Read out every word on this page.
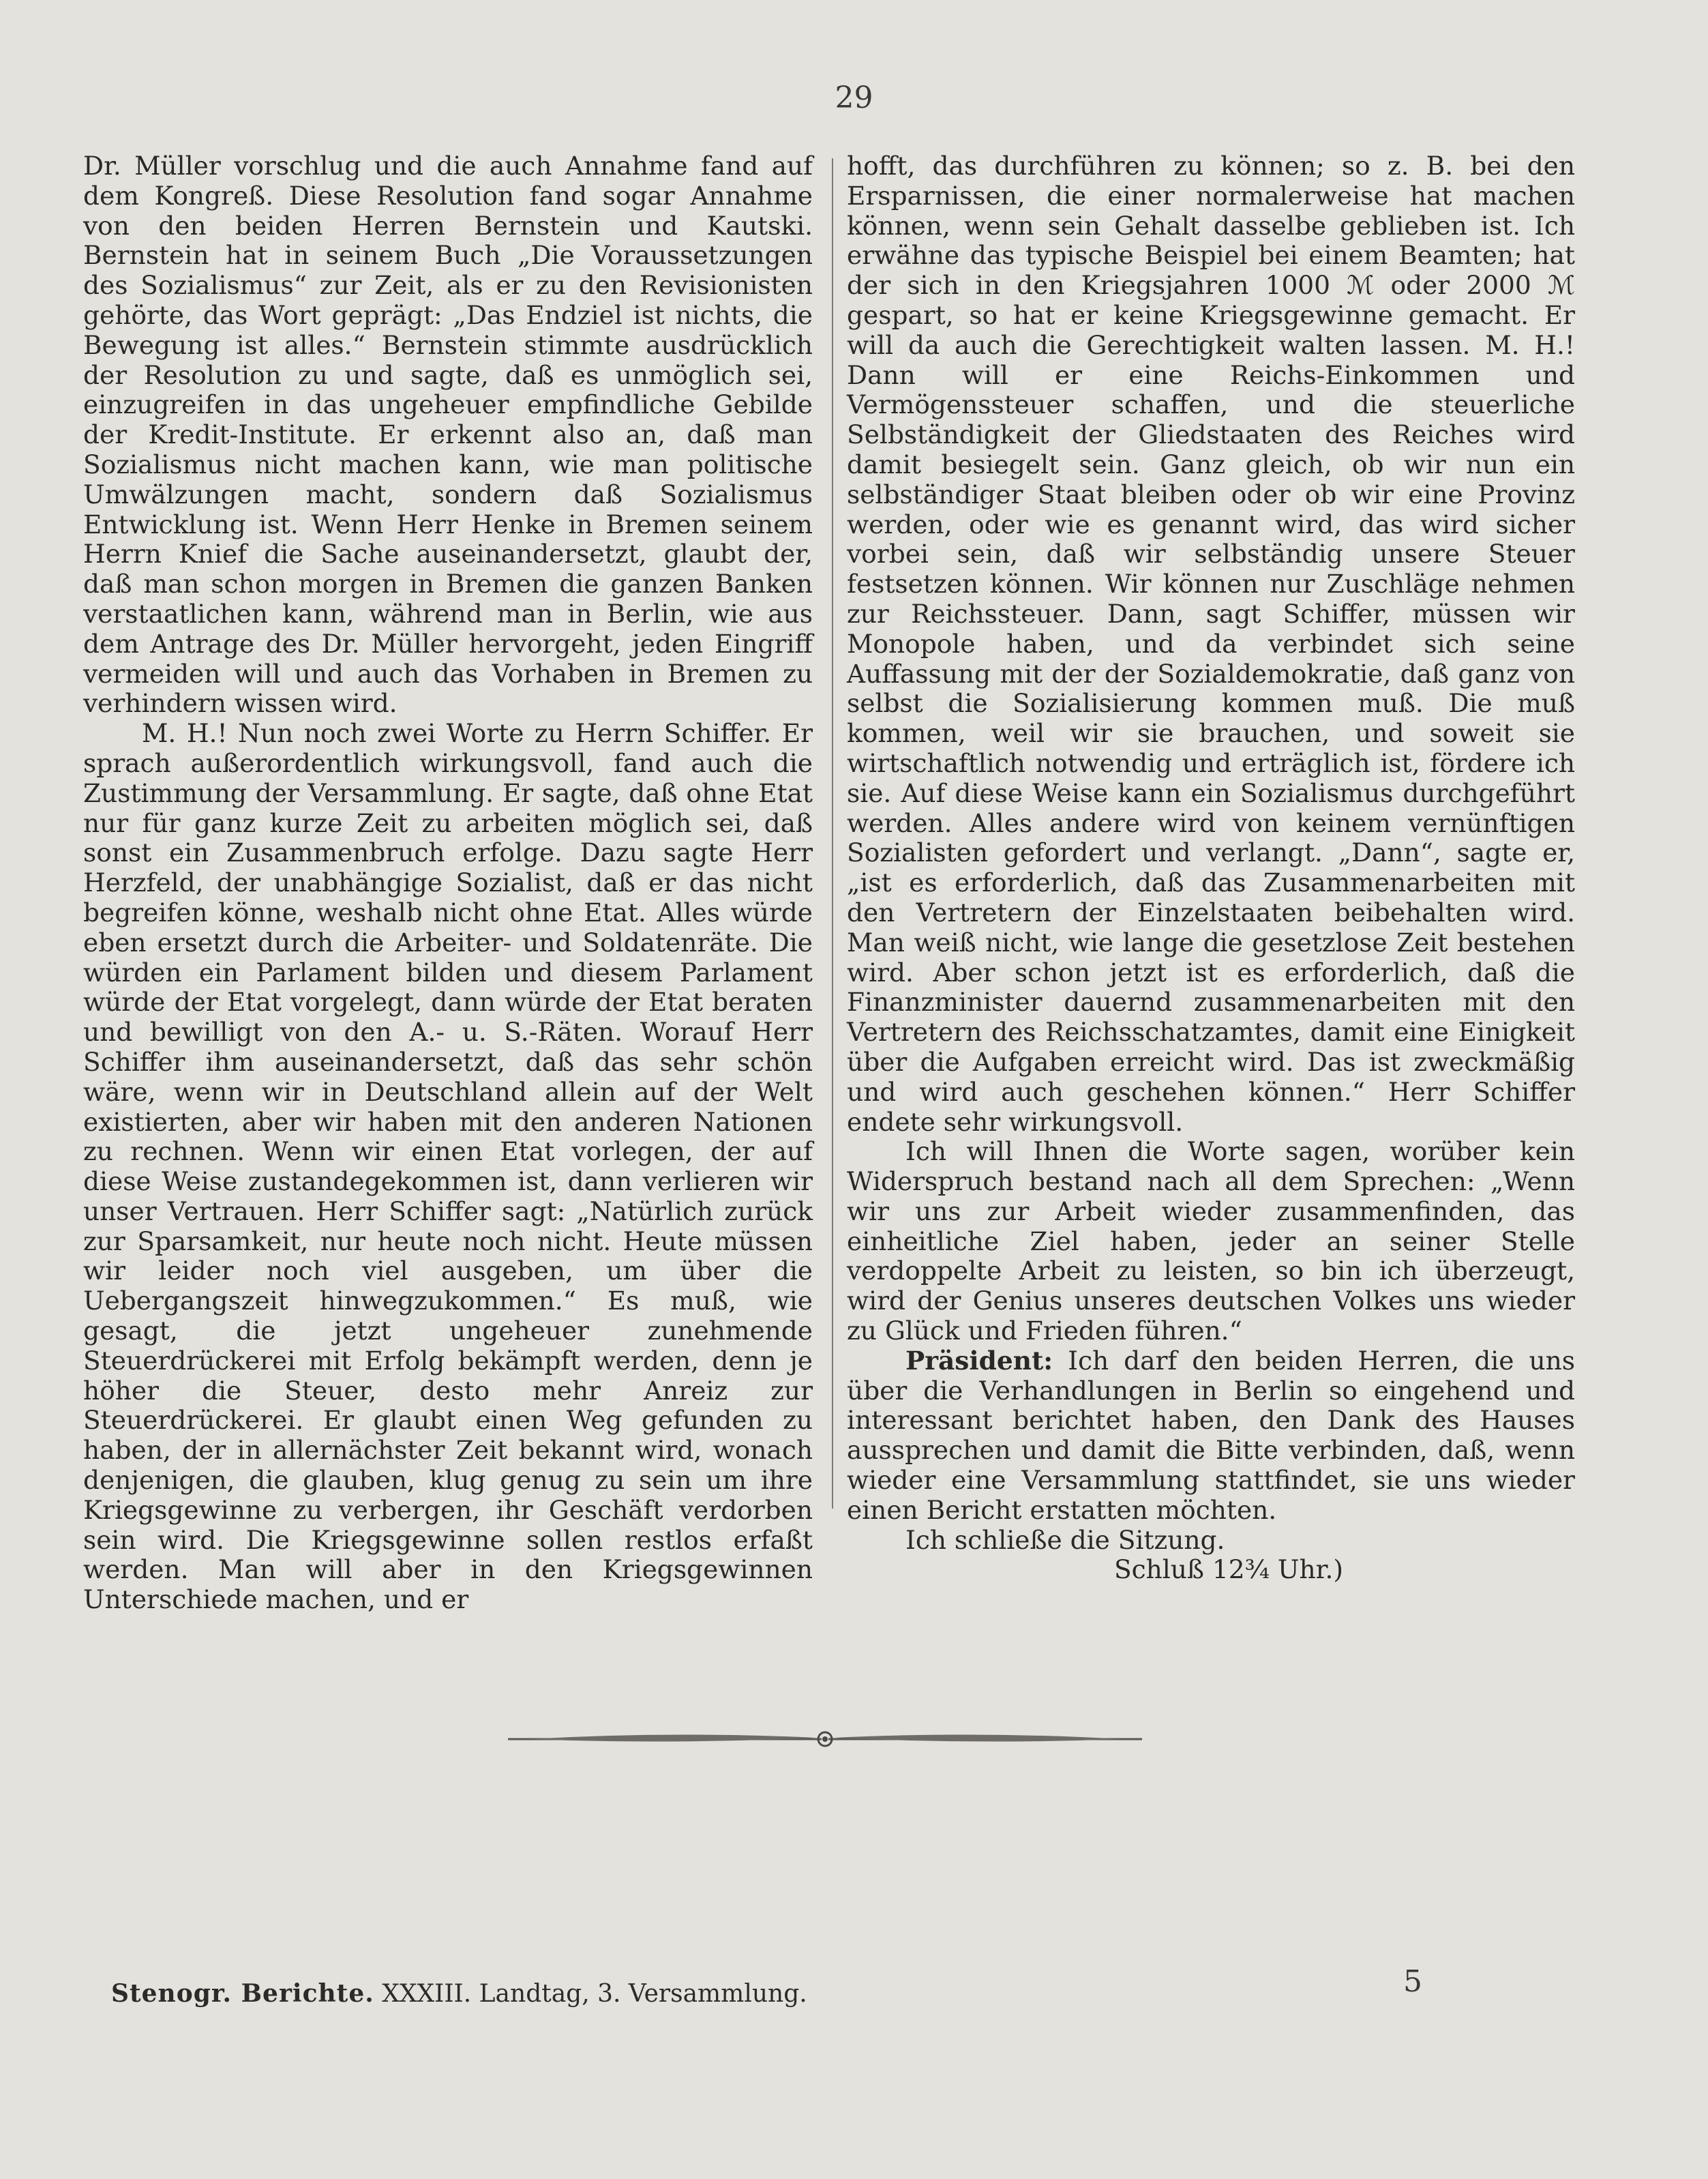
29

Dr. Müller vorschlug und die auch Annahme fand auf dem Kongreß. Diese Resolution fand sogar Annahme von den beiden Herren Bernstein und Kautski. Bernstein hat in seinem Buch „Die Voraussetzungen des Sozialismus“ zur Zeit, als er zu den Revisionisten gehörte, das Wort geprägt: „Das Endziel ist nichts, die Bewegung ist alles.“ Bernstein stimmte ausdrücklich der Resolution zu und sagte, daß es unmöglich sei, einzugreifen in das ungeheuer empfindliche Gebilde der Kredit-Institute. Er erkennt also an, daß man Sozialismus nicht machen kann, wie man politische Umwälzungen macht, sondern daß Sozialismus Entwicklung ist. Wenn Herr Henke in Bremen seinem Herrn Knief die Sache auseinandersetzt, glaubt der, daß man schon morgen in Bremen die ganzen Banken verstaatlichen kann, während man in Berlin, wie aus dem Antrage des Dr. Müller hervorgeht, jeden Eingriff vermeiden will und auch das Vorhaben in Bremen zu verhindern wissen wird.

M. H.! Nun noch zwei Worte zu Herrn Schiffer. Er sprach außerordentlich wirkungsvoll, fand auch die Zustimmung der Versammlung. Er sagte, daß ohne Etat nur für ganz kurze Zeit zu arbeiten möglich sei, daß sonst ein Zusammenbruch erfolge. Dazu sagte Herr Herzfeld, der unabhängige Sozialist, daß er das nicht begreifen könne, weshalb nicht ohne Etat. Alles würde eben ersetzt durch die Arbeiter- und Soldatenräte. Die würden ein Parlament bilden und diesem Parlament würde der Etat vorgelegt, dann würde der Etat beraten und bewilligt von den A.- u. S.-Räten. Worauf Herr Schiffer ihm auseinandersetzt, daß das sehr schön wäre, wenn wir in Deutschland allein auf der Welt existierten, aber wir haben mit den anderen Nationen zu rechnen. Wenn wir einen Etat vorlegen, der auf diese Weise zustandegekommen ist, dann verlieren wir unser Vertrauen. Herr Schiffer sagt: „Natürlich zurück zur Sparsamkeit, nur heute noch nicht. Heute müssen wir leider noch viel ausgeben, um über die Uebergangszeit hinwegzukommen.“ Es muß, wie gesagt, die jetzt ungeheuer zunehmende Steuerdrückerei mit Erfolg bekämpft werden, denn je höher die Steuer, desto mehr Anreiz zur Steuerdrückerei. Er glaubt einen Weg gefunden zu haben, der in allernächster Zeit bekannt wird, wonach denjenigen, die glauben, klug genug zu sein um ihre Kriegsgewinne zu verbergen, ihr Geschäft verdorben sein wird. Die Kriegsgewinne sollen restlos erfaßt werden. Man will aber in den Kriegsgewinnen Unterschiede machen, und er

hofft, das durchführen zu können; so z. B. bei den Ersparnissen, die einer normalerweise hat machen können, wenn sein Gehalt dasselbe geblieben ist. Ich erwähne das typische Beispiel bei einem Beamten; hat der sich in den Kriegsjahren 1000 ℳ oder 2000 ℳ gespart, so hat er keine Kriegsgewinne gemacht. Er will da auch die Gerechtigkeit walten lassen. M. H.! Dann will er eine Reichs-Einkommen und Vermögenssteuer schaffen, und die steuerliche Selbständigkeit der Gliedstaaten des Reiches wird damit besiegelt sein. Ganz gleich, ob wir nun ein selbständiger Staat bleiben oder ob wir eine Provinz werden, oder wie es genannt wird, das wird sicher vorbei sein, daß wir selbständig unsere Steuer festsetzen können. Wir können nur Zuschläge nehmen zur Reichssteuer. Dann, sagt Schiffer, müssen wir Monopole haben, und da verbindet sich seine Auffassung mit der der Sozialdemokratie, daß ganz von selbst die Sozialisierung kommen muß. Die muß kommen, weil wir sie brauchen, und soweit sie wirtschaftlich notwendig und erträglich ist, fördere ich sie. Auf diese Weise kann ein Sozialismus durchgeführt werden. Alles andere wird von keinem vernünftigen Sozialisten gefordert und verlangt. „Dann“, sagte er, „ist es erforderlich, daß das Zusammenarbeiten mit den Vertretern der Einzelstaaten beibehalten wird. Man weiß nicht, wie lange die gesetzlose Zeit bestehen wird. Aber schon jetzt ist es erforderlich, daß die Finanzminister dauernd zusammenarbeiten mit den Vertretern des Reichsschatzamtes, damit eine Einigkeit über die Aufgaben erreicht wird. Das ist zweckmäßig und wird auch geschehen können.“ Herr Schiffer endete sehr wirkungsvoll.

Ich will Ihnen die Worte sagen, worüber kein Widerspruch bestand nach all dem Sprechen: „Wenn wir uns zur Arbeit wieder zusammenfinden, das einheitliche Ziel haben, jeder an seiner Stelle verdoppelte Arbeit zu leisten, so bin ich überzeugt, wird der Genius unseres deutschen Volkes uns wieder zu Glück und Frieden führen.“

Präsident: Ich darf den beiden Herren, die uns über die Verhandlungen in Berlin so eingehend und interessant berichtet haben, den Dank des Hauses aussprechen und damit die Bitte verbinden, daß, wenn wieder eine Versammlung stattfindet, sie uns wieder einen Bericht erstatten möchten.

Ich schließe die Sitzung.

Schluß 12¾ Uhr.)

Stenogr. Berichte. XXXIII. Landtag, 3. Versammlung.	5
